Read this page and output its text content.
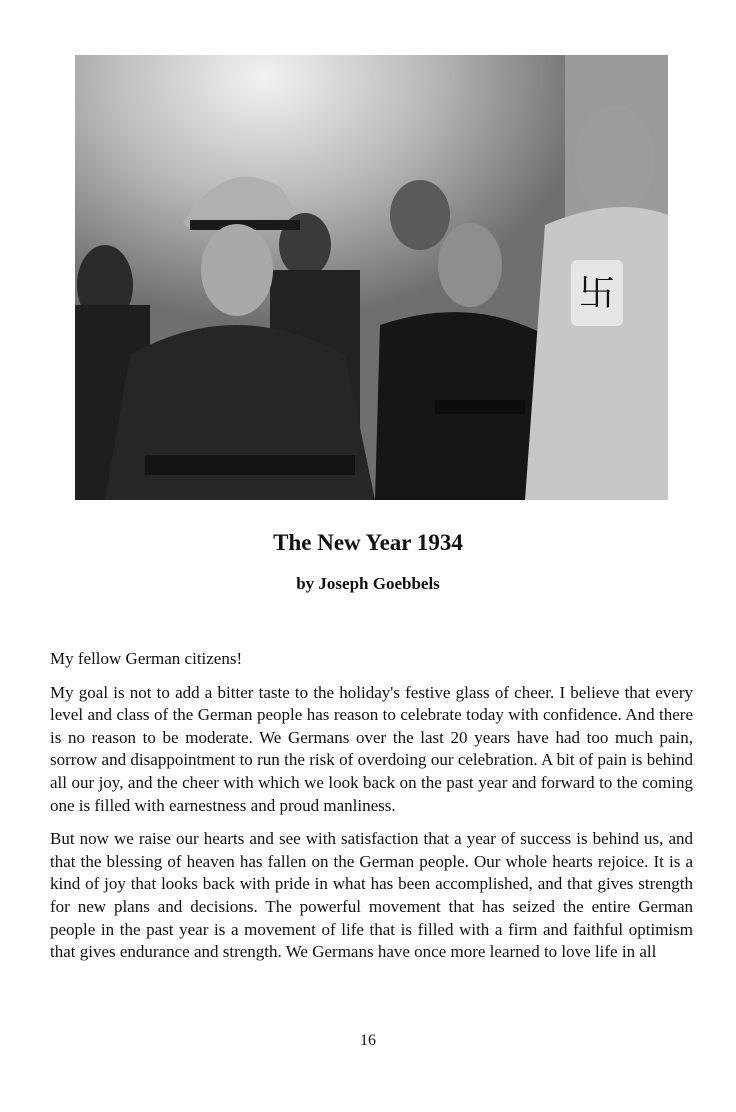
卐
The New Year 1934
by Joseph Goebbels

My fellow German citizens!

My goal is not to add a bitter taste to the holiday's festive glass of cheer. I believe that every level and class of the German people has reason to celebrate today with confidence. And there is no reason to be moderate. We Germans over the last 20 years have had too much pain, sorrow and disappointment to run the risk of overdoing our celebration. A bit of pain is behind all our joy, and the cheer with which we look back on the past year and forward to the coming one is filled with earnestness and proud manliness.

But now we raise our hearts and see with satisfaction that a year of success is behind us, and that the blessing of heaven has fallen on the German people. Our whole hearts rejoice. It is a kind of joy that looks back with pride in what has been accomplished, and that gives strength for new plans and decisions. The powerful movement that has seized the entire German people in the past year is a movement of life that is filled with a firm and faithful optimism that gives endurance and strength. We Germans have once more learned to love life in all

16
